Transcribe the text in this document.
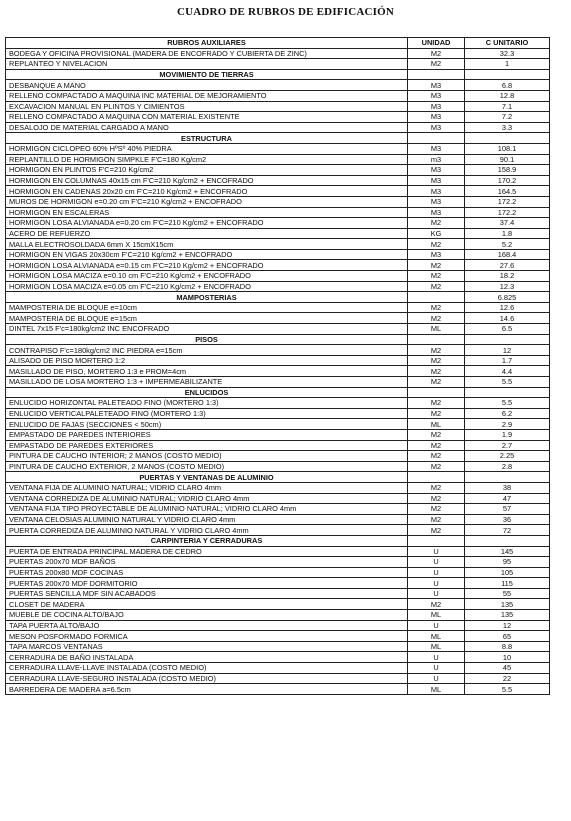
CUADRO DE RUBROS DE EDIFICACIÓN
RUBROS AUXILIARES	UNIDAD	C UNITARIO
BODEGA Y OFICINA PROVISIONAL (MADERA DE ENCOFRADO Y CUBIERTA DE ZINC)	M2	32.3
REPLANTEO Y NIVELACION	M2	1
MOVIMIENTO DE TIERRAS		
DESBANQUE A MANO	M3	6.8
RELLENO COMPACTADO A MAQUINA INC MATERIAL DE MEJORAMIENTO	M3	12.8
EXCAVACION MANUAL EN PLINTOS Y CIMIENTOS	M3	7.1
RELLENO COMPACTADO A MAQUINA CON MATERIAL EXISTENTE	M3	7.2
DESALOJO DE MATERIAL CARGADO A MANO	M3	3.3
ESTRUCTURA		
HORMIGON CICLOPEO 60% HºSº 40% PIEDRA	M3	108.1
REPLANTILLO DE HORMIGON SIMPKLE F'C=180 Kg/cm2	m3	90.1
HORMIGON EN PLINTOS F'C=210 Kg/cm2	M3	158.9
HORMIGON EN COLUMNAS 40x15 cm F'C=210 Kg/cm2 + ENCOFRADO	M3	170.2
HORMIGON EN CADENAS 20x20 cm F'C=210 Kg/cm2 + ENCOFRADO	M3	164.5
MUROS DE HORMIGON e=0.20 cm F'C=210 Kg/cm2 + ENCOFRADO	M3	172.2
HORMIGON EN ESCALERAS	M3	172.2
HORMIGON LOSA ALVIANADA e=0.20 cm F'C=210 Kg/cm2 + ENCOFRADO	M2	37.4
ACERO DE REFUERZO	KG	1.8
MALLA ELECTROSOLDADA 6mm X 15cmX15cm	M2	5.2
HORMIGON EN VIGAS 20x30cm F'C=210 Kg/cm2 + ENCOFRADO	M3	168.4
HORMIGON LOSA ALVIANADA e=0.15 cm F'C=210 Kg/cm2 + ENCOFRADO	M2	27.6
HORMIGON LOSA MACIZA e=0.10 cm F'C=210 Kg/cm2 + ENCOFRADO	M2	18.2
HORMIGON LOSA MACIZA e=0.05 cm F'C=210 Kg/cm2 + ENCOFRADO	M2	12.3
MAMPOSTERIAS		6.825
MAMPOSTERIA DE BLOQUE e=10cm	M2	12.6
MAMPOSTERIA DE BLOQUE e=15cm	M2	14.6
DINTEL 7x15 F'c=180kg/cm2 INC ENCOFRADO	ML	6.5
PISOS		
CONTRAPISO F'c=180kg/cm2 INC PIEDRA e=15cm	M2	12
ALISADO DE PISO MORTERO 1:2	M2	1.7
MASILLADO DE PISO, MORTERO 1:3 e PROM=4cm	M2	4.4
MASILLADO DE LOSA MORTERO 1:3 + IMPERMEABILIZANTE	M2	5.5
ENLUCIDOS		
ENLUCIDO HORIZONTAL PALETEADO FINO (MORTERO 1:3)	M2	5.5
ENLUCIDO VERTICALPALETEADO FINO (MORTERO 1:3)	M2	6.2
ENLUCIDO DE FAJAS (SECCIONES < 50cm)	ML	2.9
EMPASTADO DE PAREDES INTERIORES	M2	1.9
EMPASTADO DE PAREDES EXTERIORES	M2	2.7
PINTURA DE CAUCHO INTERIOR; 2 MANOS (COSTO MEDIO)	M2	2.25
PINTURA DE CAUCHO EXTERIOR, 2 MANOS (COSTO MEDIO)	M2	2.8
PUERTAS Y VENTANAS DE ALUMINIO		
VENTANA FIJA DE ALUMINIO NATURAL; VIDRIO CLARO 4mm	M2	38
VENTANA CORREDIZA DE ALUMINIO NATURAL; VIDRIO CLARO 4mm	M2	47
VENTANA FIJA TIPO PROYECTABLE DE ALUMINIO NATURAL; VIDRIO CLARO 4mm	M2	57
VENTANA CELOSIAS ALUMINIO NATURAL Y VIDRIO CLARO 4mm	M2	36
PUERTA CORREDIZA DE ALUMINIO NATURAL Y VIDRIO CLARO 4mm	M2	72
CARPINTERIA Y CERRADURAS		
PUERTA DE ENTRADA PRINCIPAL MADERA DE CEDRO	U	145
PUERTAS 200x70 MDF BAÑOS	U	95
PUERTAS 200x80 MDF COCINAS	U	105
PUERTAS 200x70 MDF DORMITORIO	U	115
PUERTAS SENCILLA MDF SIN ACABADOS	U	55
CLOSET DE MADERA	M2	135
MUEBLE DE COCINA ALTO/BAJO	ML	135
TAPA PUERTA ALTO/BAJO	U	12
MESON POSFORMADO FORMICA	ML	65
TAPA MARCOS VENTANAS	ML	8.8
CERRADURA DE BAÑO INSTALADA	U	10
CERRADURA LLAVE-LLAVE INSTALADA (COSTO MEDIO)	U	45
CERRADURA LLAVE-SEGURO INSTALADA (COSTO MEDIO)	U	22
BARREDERA DE MADERA a=6.5cm	ML	5.5
